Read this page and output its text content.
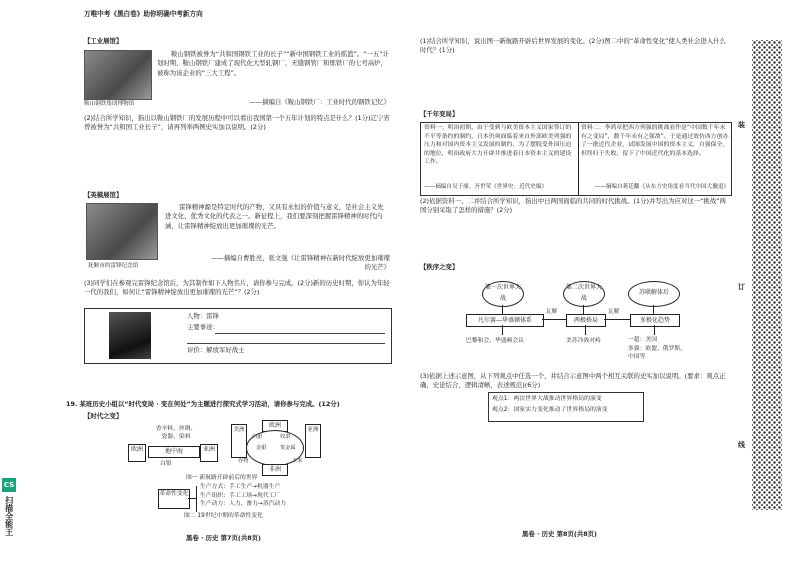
万唯中考《黑白卷》助你明确中考新方向
【工业展馆】
鞍山钢铁集团博物馆
鞍山钢铁被誉为“共和国钢铁工业的长子”“新中国钢铁工业的摇篮”。“一五”计划时期，鞍山钢铁厂建成了现代化大型轧钢厂、无缝钢管厂和炼铁厂的七号高炉，被称为该企业的“三大工程”。
——摘编自《鞍山钢铁厂：工业时代的钢铁记忆》
(2)结合所学知识，指出以鞍山钢铁厂的发展历程中可以看出我国第一个五年计划的特点是什么？(1分)辽宁省曾被誉为“共和国工业长子”，请再列举两例史实加以说明。(2分)
【英模展馆】
抚顺市的雷锋纪念馆
雷锋精神源是特定时代的产物，又具有永恒的价值与意义，是社会主义先进文化、优秀文化的代表之一。新征程上，我们要深刻把握雷锋精神的时代内涵，让雷锋精神绽放出更加璀璨的光芒。
——摘编自曹胜亮、张文强《让雷锋精神在新时代绽放更加璀璨的光芒》
(3)同学们在参观完雷锋纪念馆后，为其制作如下人物名片，请你参与完成。(2分)新的历史时期，你认为年轻一代的我们，如何让“雷锋精神绽放出更加璀璨的光芒”？(2分)
人物：雷锋
主要事迹：
评价：解放军好战士
19. 某班历史小组以“时代变局 · 变在何处”为主题进行探究式学习活动，请你参与完成。(12分)
【时代之变】
香辛料、丝绸、
瓷器、染料
欧洲	地中海	亚洲
白银
美洲
欧洲
亚洲
白银	奴隶
金银	贵金属
非洲
谷物	玉米
图一 新航路开辟前后的世界
革命性变化
生产方式：手工生产→机器生产
生产组织：手工工场→现代工厂
生产动力：人力、畜力→蒸汽动力
图二 19世纪中期的革命性变化
黑卷 · 历史 第7页(共8页)
CS
扫描全能王
(1)结合所学知识，说出图一新航路开辟后世界发展的变化。(2分)图二中的“革命性变化”使人类社会进入什么时代？(1分)
【千年变局】
资料一：明治初期，由于受到与欧美资本主义国家签订的不平等条约的制约，日本仍须面临着来自外部欧美列强的压力和对国内资本主义发展的制约，为了摆脱受外国压迫的地位，明治政府大力开辟并推进着日本资本主义的建设工作。
——摘编自吴于廑、齐世荣《世界史：近代史编》
资料二：李鸿章把西方列强的挑战看作是“中国数千年未有之变局”，数千年未有之强敌”。于是通过效仿西方创办了一批近代企业，试图发展中国的资本主义，自强保全，但终归于失败，留下了中国近代化的基本选择。
——摘编自蒋廷黻《从东方史角度看当代中国大撤退》
(2)依据资料一、二并结合所学知识，指出中日两国面临的共同的时代挑战。(1分)并写出为应对这一“挑战”两国分别采取了怎样的措施？(2分)
【秩序之变】
第一次世界大战
第二次世界大战
苏联解体后
凡尔赛—华盛顿体系
瓦解
两极格局
瓦解
多极化趋势
巴黎和会、华盛顿会议	美苏冷战对峙	一超：美国
多强：欧盟、俄罗斯、中国等
(3)依据上述示意图，从下列观点中任选一个，并结合示意图中两个相互关联的史实加以说明。(要求：观点正确，史论结合，逻辑清晰，表述规范)(6分)
观点1：两次世界大战推动世界格局的演变
观点2：国家实力变化推动了世界格局的演变
黑卷 · 历史 第8页(共8页)
装
订
线
